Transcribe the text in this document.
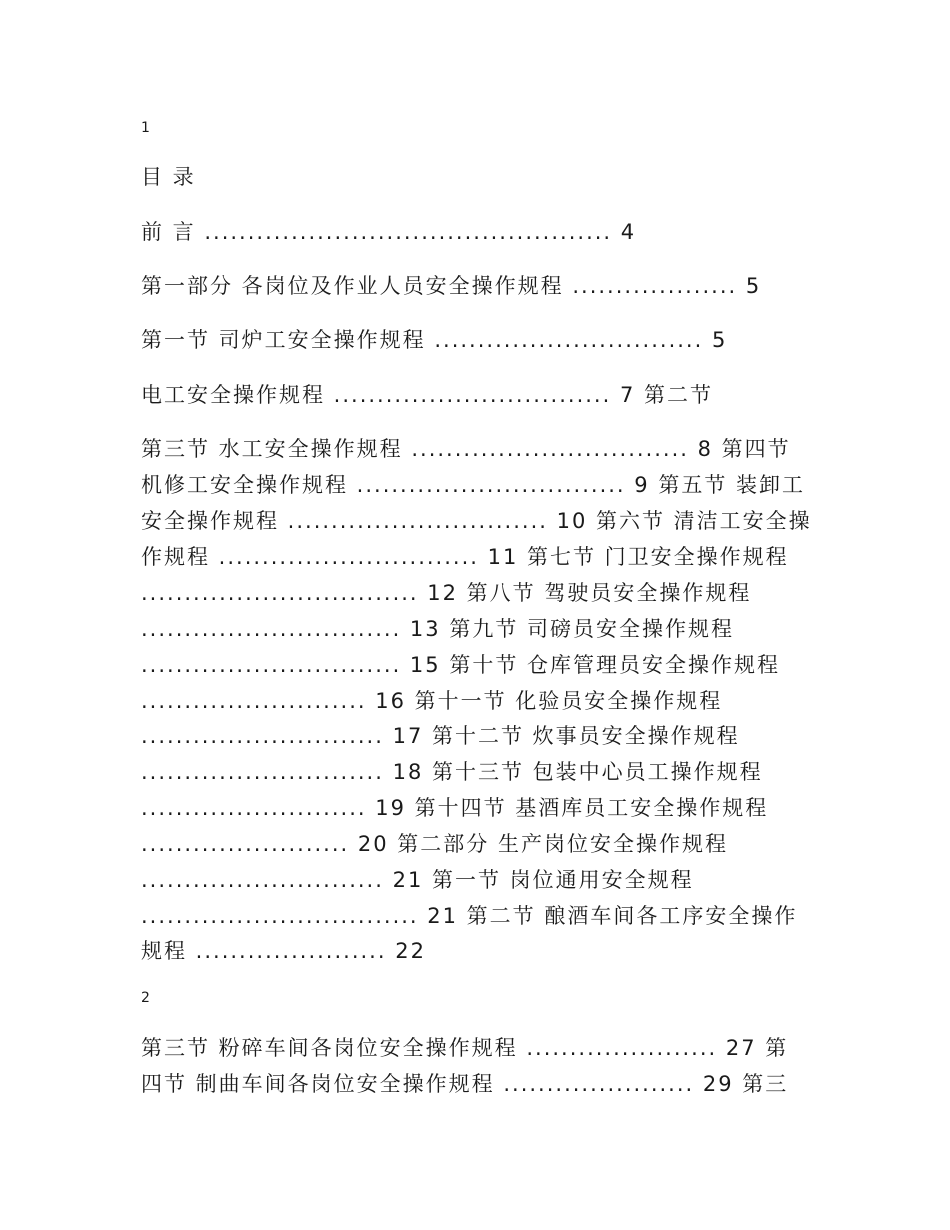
1
目 录
前 言 ............................................... 4
第一部分 各岗位及作业人员安全操作规程 ................... 5
第一节 司炉工安全操作规程 ............................... 5
电工安全操作规程 ................................ 7 第二节
第三节 水工安全操作规程 ................................ 8 第四节
机修工安全操作规程 ............................... 9 第五节 装卸工
安全操作规程 .............................. 10 第六节 清洁工安全操
作规程 .............................. 11 第七节 门卫安全操作规程
................................ 12 第八节 驾驶员安全操作规程
.............................. 13 第九节 司磅员安全操作规程
.............................. 15 第十节 仓库管理员安全操作规程
.......................... 16 第十一节 化验员安全操作规程
............................ 17 第十二节 炊事员安全操作规程
............................ 18 第十三节 包装中心员工操作规程
.......................... 19 第十四节 基酒库员工安全操作规程
........................ 20 第二部分 生产岗位安全操作规程
............................ 21 第一节 岗位通用安全规程
................................ 21 第二节 酿酒车间各工序安全操作
规程 ...................... 22
2
第三节 粉碎车间各岗位安全操作规程 ...................... 27 第
四节 制曲车间各岗位安全操作规程 ...................... 29 第三
